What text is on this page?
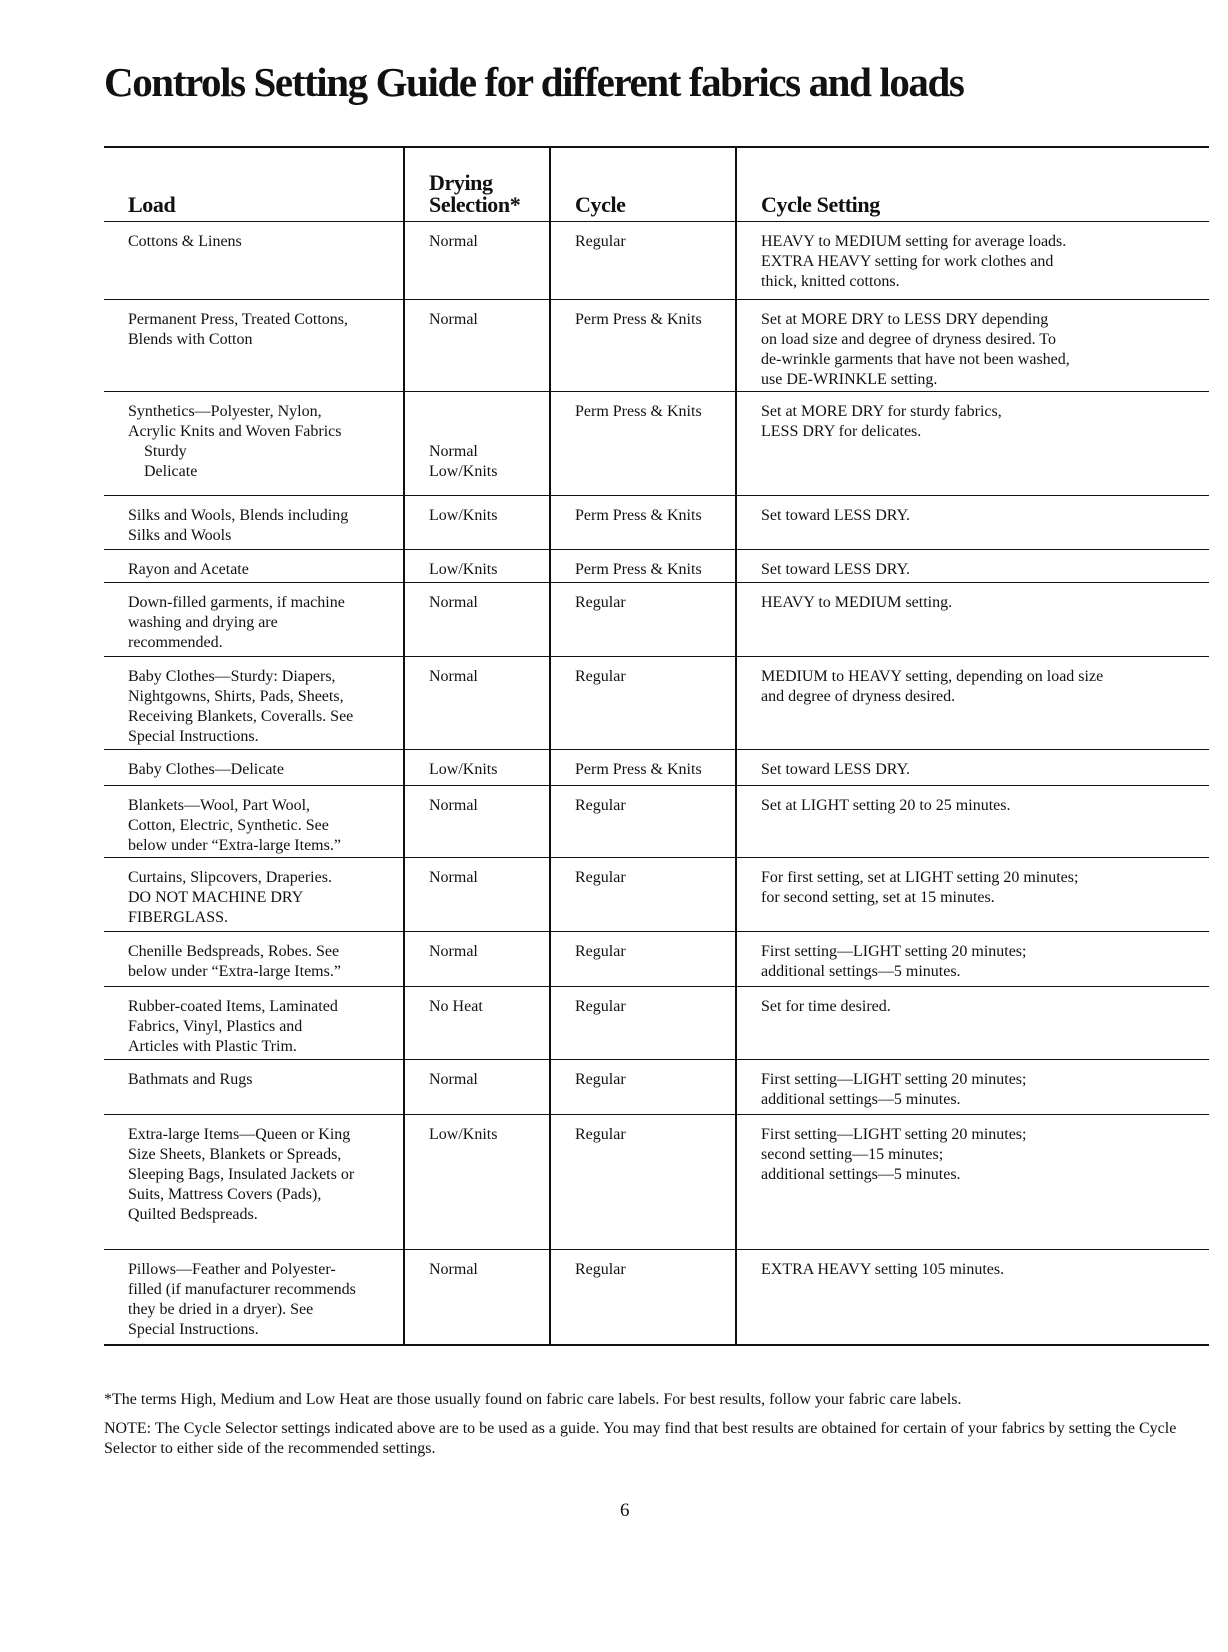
Controls Setting Guide for different fabrics and loads
Load	Drying Selection*	Cycle	Cycle Setting

Cottons & Linens	Normal	Regular	HEAVY to MEDIUM setting for average loads.
EXTRA HEAVY setting for work clothes and
thick, knitted cottons.

Permanent Press, Treated Cottons,
Blends with Cotton	Normal	Perm Press & Knits	Set at MORE DRY to LESS DRY depending
on load size and degree of dryness desired. To
de-wrinkle garments that have not been washed,
use DE-WRINKLE setting.

Synthetics—Polyester, Nylon,
Acrylic Knits and Woven Fabrics
Sturdy
Delicate	Normal
Low/Knits	Perm Press & Knits	Set at MORE DRY for sturdy fabrics,
LESS DRY for delicates.

Silks and Wools, Blends including
Silks and Wools	Low/Knits	Perm Press & Knits	Set toward LESS DRY.

Rayon and Acetate	Low/Knits	Perm Press & Knits	Set toward LESS DRY.

Down-filled garments, if machine
washing and drying are
recommended.	Normal	Regular	HEAVY to MEDIUM setting.

Baby Clothes—Sturdy: Diapers,
Nightgowns, Shirts, Pads, Sheets,
Receiving Blankets, Coveralls. See
Special Instructions.	Normal	Regular	MEDIUM to HEAVY setting, depending on load size
and degree of dryness desired.

Baby Clothes—Delicate	Low/Knits	Perm Press & Knits	Set toward LESS DRY.

Blankets—Wool, Part Wool,
Cotton, Electric, Synthetic. See
below under “Extra-large Items.”	Normal	Regular	Set at LIGHT setting 20 to 25 minutes.

Curtains, Slipcovers, Draperies.
DO NOT MACHINE DRY
FIBERGLASS.	Normal	Regular	For first setting, set at LIGHT setting 20 minutes;
for second setting, set at 15 minutes.

Chenille Bedspreads, Robes. See
below under “Extra-large Items.”	Normal	Regular	First setting—LIGHT setting 20 minutes;
additional settings—5 minutes.

Rubber-coated Items, Laminated
Fabrics, Vinyl, Plastics and
Articles with Plastic Trim.	No Heat	Regular	Set for time desired.

Bathmats and Rugs	Normal	Regular	First setting—LIGHT setting 20 minutes;
additional settings—5 minutes.

Extra-large Items—Queen or King
Size Sheets, Blankets or Spreads,
Sleeping Bags, Insulated Jackets or
Suits, Mattress Covers (Pads),
Quilted Bedspreads.	Low/Knits	Regular	First setting—LIGHT setting 20 minutes;
second setting—15 minutes;
additional settings—5 minutes.

Pillows—Feather and Polyester-
filled (if manufacturer recommends
they be dried in a dryer). See
Special Instructions.	Normal	Regular	EXTRA HEAVY setting 105 minutes.

*The terms High, Medium and Low Heat are those usually found on fabric care labels. For best results, follow your fabric care labels.

NOTE: The Cycle Selector settings indicated above are to be used as a guide. You may find that best results are obtained for certain of your fabrics by setting the Cycle Selector to either side of the recommended settings.

6
